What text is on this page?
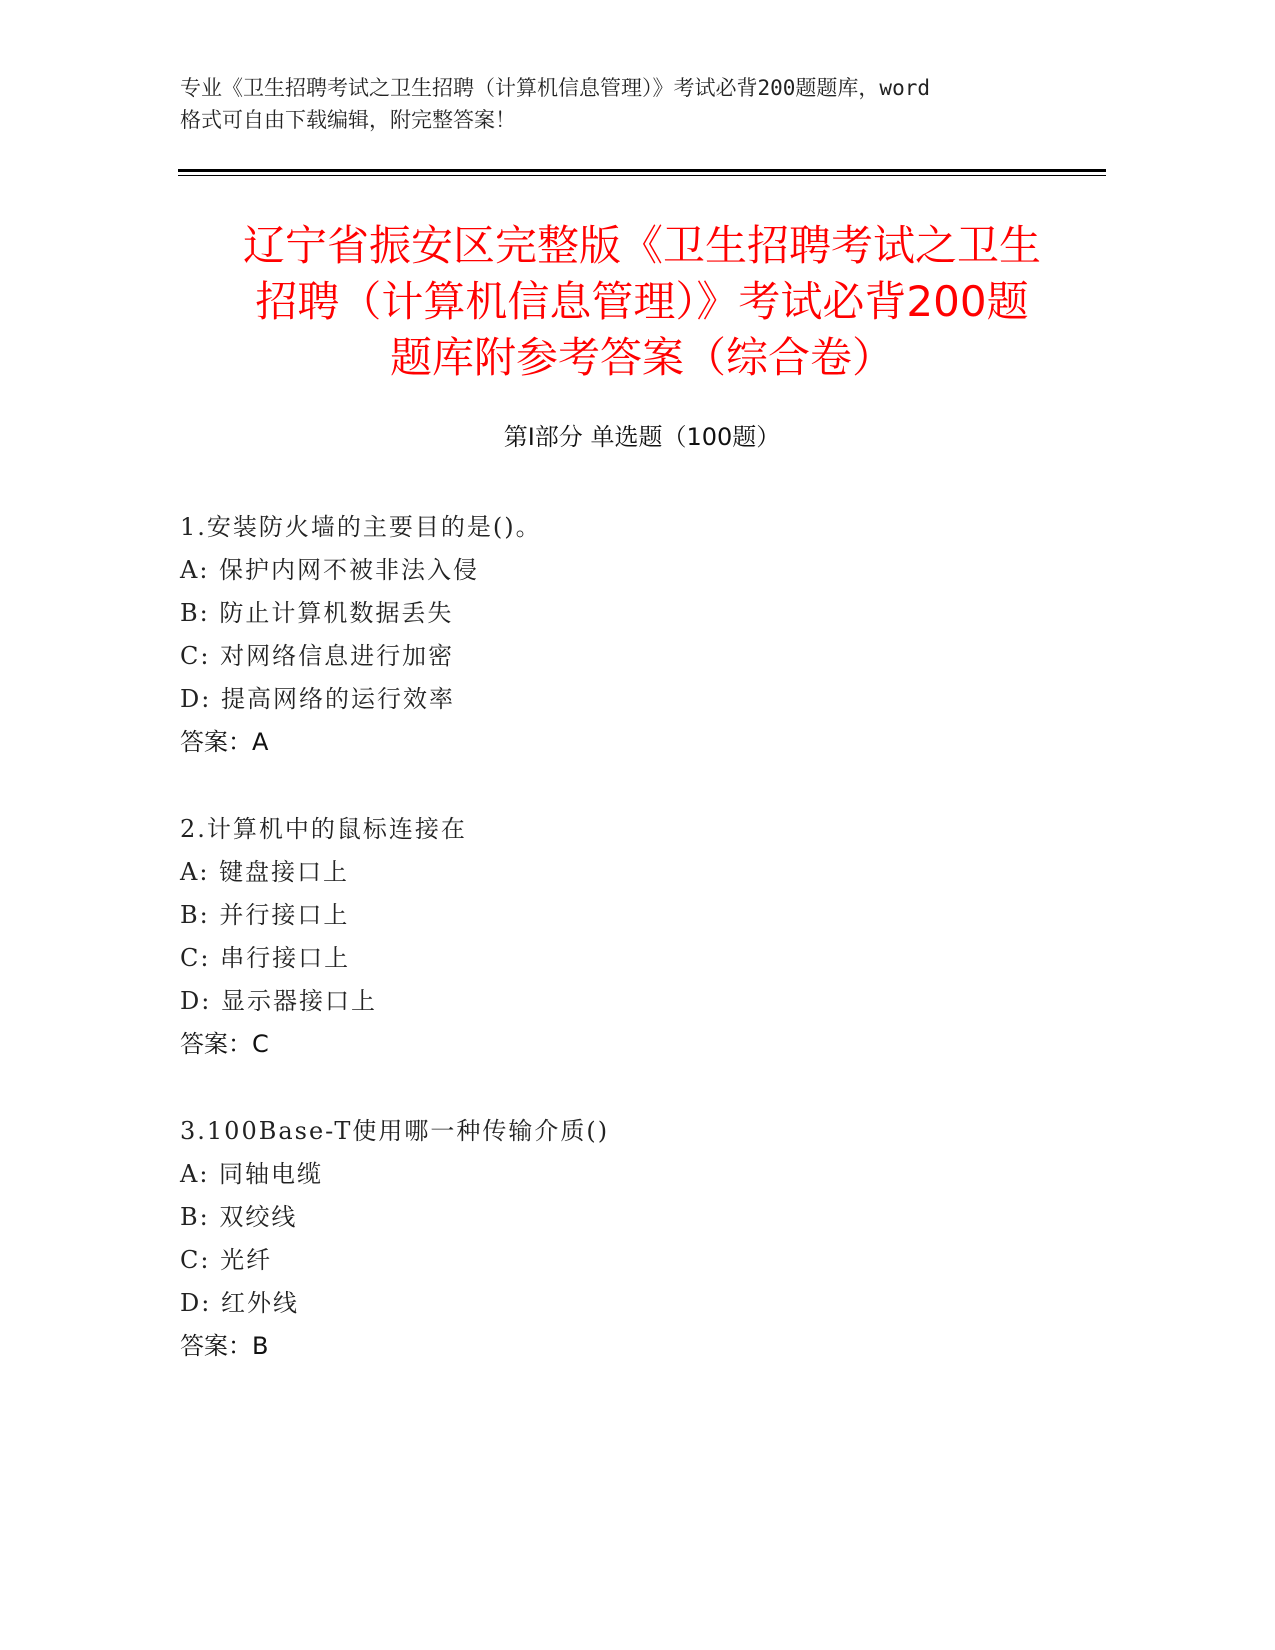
专业《卫生招聘考试之卫生招聘（计算机信息管理）》考试必背200题题库，word
格式可自由下载编辑，附完整答案！
辽宁省振安区完整版《卫生招聘考试之卫生
招聘（计算机信息管理）》考试必背200题
题库附参考答案（综合卷）
第Ⅰ部分 单选题（100题）
1.安装防火墙的主要目的是()。
A: 保护内网不被非法入侵
B: 防止计算机数据丢失
C: 对网络信息进行加密
D: 提高网络的运行效率
答案：A
2.计算机中的鼠标连接在
A: 键盘接口上
B: 并行接口上
C: 串行接口上
D: 显示器接口上
答案：C
3.100Base-T使用哪一种传输介质()
A: 同轴电缆
B: 双绞线
C: 光纤
D: 红外线
答案：B
